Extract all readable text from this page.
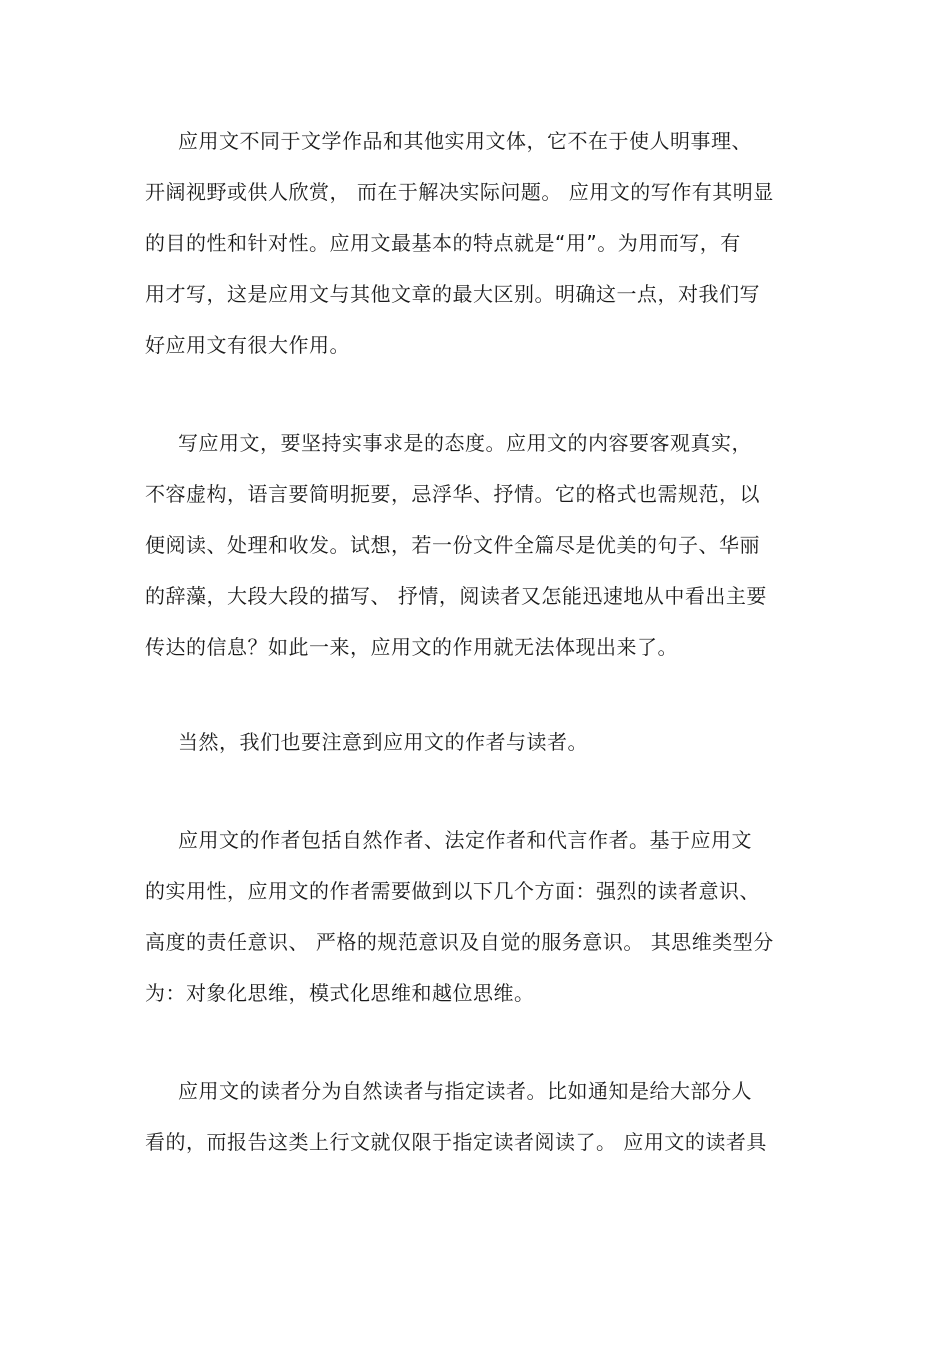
应用文不同于文学作品和其他实用文体，它不在于使人明事理、
开阔视野或供人欣赏， 而在于解决实际问题。 应用文的写作有其明显
的目的性和针对性。应用文最基本的特点就是“用”。为用而写，有
用才写，这是应用文与其他文章的最大区别。明确这一点，对我们写
好应用文有很大作用。
写应用文，要坚持实事求是的态度。应用文的内容要客观真实，
不容虚构，语言要简明扼要，忌浮华、抒情。它的格式也需规范，以
便阅读、处理和收发。试想，若一份文件全篇尽是优美的句子、华丽
的辞藻，大段大段的描写、 抒情，阅读者又怎能迅速地从中看出主要
传达的信息？如此一来，应用文的作用就无法体现出来了。
当然，我们也要注意到应用文的作者与读者。
应用文的作者包括自然作者、法定作者和代言作者。基于应用文
的实用性，应用文的作者需要做到以下几个方面：强烈的读者意识、
高度的责任意识、 严格的规范意识及自觉的服务意识。 其思维类型分
为：对象化思维，模式化思维和越位思维。
应用文的读者分为自然读者与指定读者。比如通知是给大部分人
看的，而报告这类上行文就仅限于指定读者阅读了。 应用文的读者具
